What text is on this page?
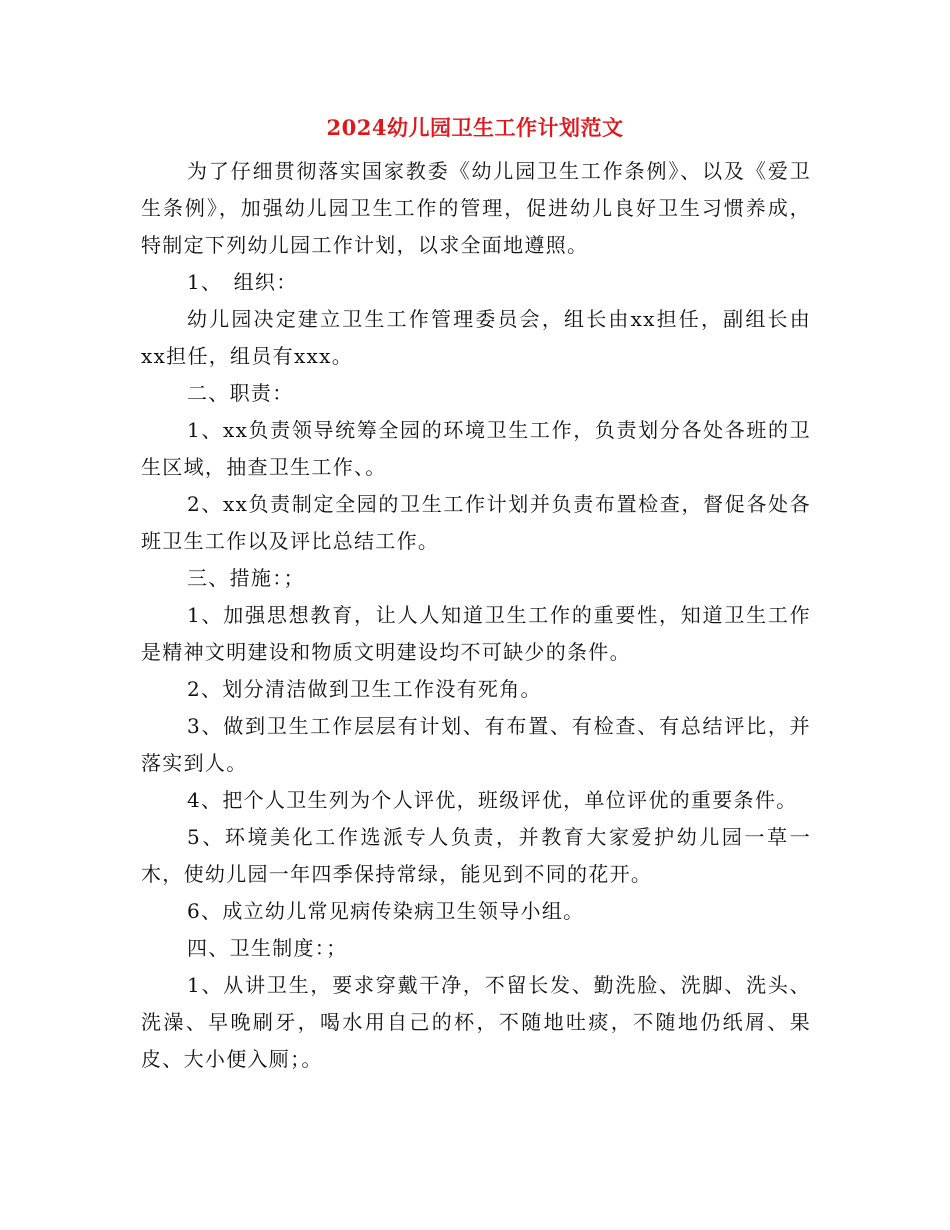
2024幼儿园卫生工作计划范文

为了仔细贯彻落实国家教委《幼儿园卫生工作条例》、以及《爱卫生条例》，加强幼儿园卫生工作的管理，促进幼儿良好卫生习惯养成，特制定下列幼儿园工作计划，以求全面地遵照。

1、　组织：

幼儿园决定建立卫生工作管理委员会，组长由xx担任，副组长由xx担任，组员有xxx。

二、职责：

1、xx负责领导统筹全园的环境卫生工作，负责划分各处各班的卫生区域，抽查卫生工作、。

2、xx负责制定全园的卫生工作计划并负责布置检查，督促各处各班卫生工作以及评比总结工作。

三、措施：；

1、加强思想教育，让人人知道卫生工作的重要性，知道卫生工作是精神文明建设和物质文明建设均不可缺少的条件。

2、划分清洁做到卫生工作没有死角。

3、做到卫生工作层层有计划、有布置、有检查、有总结评比，并落实到人。

4、把个人卫生列为个人评优，班级评优，单位评优的重要条件。

5、环境美化工作选派专人负责，并教育大家爱护幼儿园一草一木，使幼儿园一年四季保持常绿，能见到不同的花开。

6、成立幼儿常见病传染病卫生领导小组。

四、卫生制度：；

1、从讲卫生，要求穿戴干净，不留长发、勤洗脸、洗脚、洗头、洗澡、早晚刷牙，喝水用自己的杯，不随地吐痰，不随地仍纸屑、果皮、大小便入厕；。
